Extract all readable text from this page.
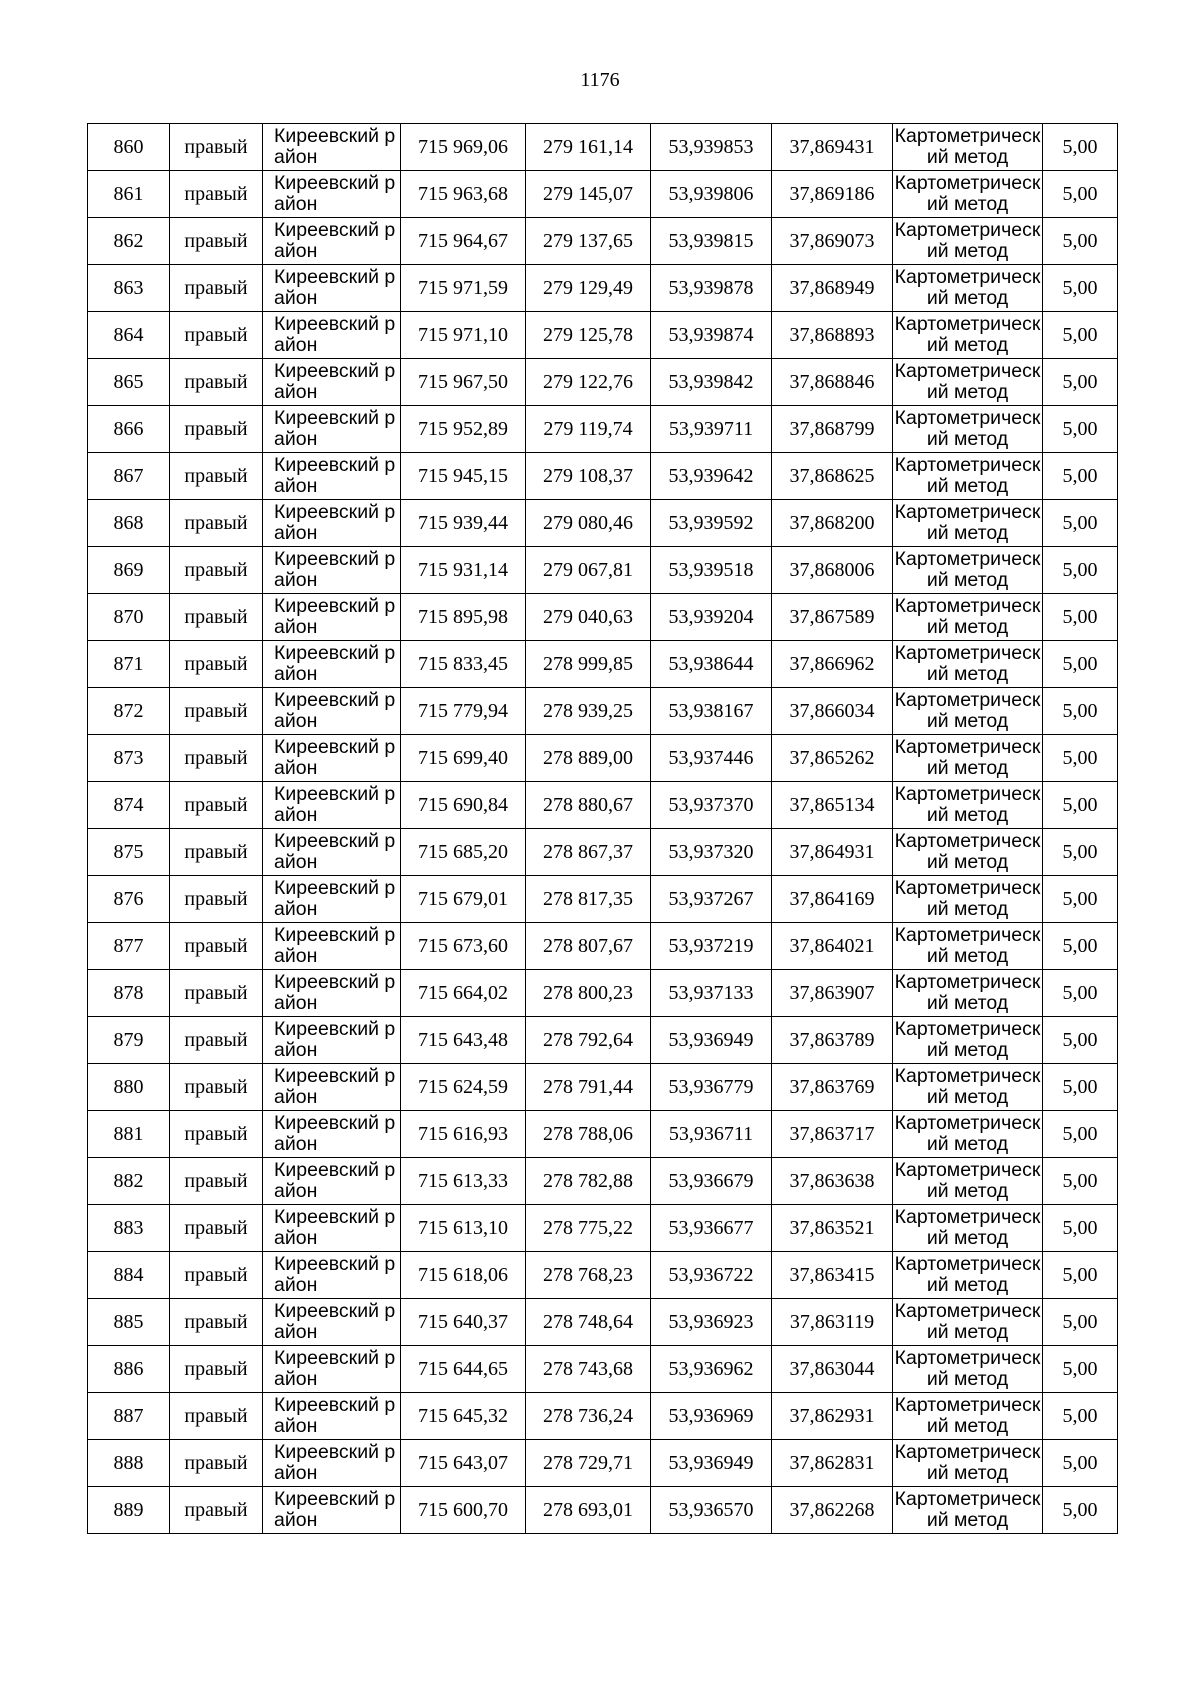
1176
860	правый	Киреевский район	715 969,06	279 161,14	53,939853	37,869431	Картометрический метод	5,00
861	правый	Киреевский район	715 963,68	279 145,07	53,939806	37,869186	Картометрический метод	5,00
862	правый	Киреевский район	715 964,67	279 137,65	53,939815	37,869073	Картометрический метод	5,00
863	правый	Киреевский район	715 971,59	279 129,49	53,939878	37,868949	Картометрический метод	5,00
864	правый	Киреевский район	715 971,10	279 125,78	53,939874	37,868893	Картометрический метод	5,00
865	правый	Киреевский район	715 967,50	279 122,76	53,939842	37,868846	Картометрический метод	5,00
866	правый	Киреевский район	715 952,89	279 119,74	53,939711	37,868799	Картометрический метод	5,00
867	правый	Киреевский район	715 945,15	279 108,37	53,939642	37,868625	Картометрический метод	5,00
868	правый	Киреевский район	715 939,44	279 080,46	53,939592	37,868200	Картометрический метод	5,00
869	правый	Киреевский район	715 931,14	279 067,81	53,939518	37,868006	Картометрический метод	5,00
870	правый	Киреевский район	715 895,98	279 040,63	53,939204	37,867589	Картометрический метод	5,00
871	правый	Киреевский район	715 833,45	278 999,85	53,938644	37,866962	Картометрический метод	5,00
872	правый	Киреевский район	715 779,94	278 939,25	53,938167	37,866034	Картометрический метод	5,00
873	правый	Киреевский район	715 699,40	278 889,00	53,937446	37,865262	Картометрический метод	5,00
874	правый	Киреевский район	715 690,84	278 880,67	53,937370	37,865134	Картометрический метод	5,00
875	правый	Киреевский район	715 685,20	278 867,37	53,937320	37,864931	Картометрический метод	5,00
876	правый	Киреевский район	715 679,01	278 817,35	53,937267	37,864169	Картометрический метод	5,00
877	правый	Киреевский район	715 673,60	278 807,67	53,937219	37,864021	Картометрический метод	5,00
878	правый	Киреевский район	715 664,02	278 800,23	53,937133	37,863907	Картометрический метод	5,00
879	правый	Киреевский район	715 643,48	278 792,64	53,936949	37,863789	Картометрический метод	5,00
880	правый	Киреевский район	715 624,59	278 791,44	53,936779	37,863769	Картометрический метод	5,00
881	правый	Киреевский район	715 616,93	278 788,06	53,936711	37,863717	Картометрический метод	5,00
882	правый	Киреевский район	715 613,33	278 782,88	53,936679	37,863638	Картометрический метод	5,00
883	правый	Киреевский район	715 613,10	278 775,22	53,936677	37,863521	Картометрический метод	5,00
884	правый	Киреевский район	715 618,06	278 768,23	53,936722	37,863415	Картометрический метод	5,00
885	правый	Киреевский район	715 640,37	278 748,64	53,936923	37,863119	Картометрический метод	5,00
886	правый	Киреевский район	715 644,65	278 743,68	53,936962	37,863044	Картометрический метод	5,00
887	правый	Киреевский район	715 645,32	278 736,24	53,936969	37,862931	Картометрический метод	5,00
888	правый	Киреевский район	715 643,07	278 729,71	53,936949	37,862831	Картометрический метод	5,00
889	правый	Киреевский район	715 600,70	278 693,01	53,936570	37,862268	Картометрический метод	5,00
